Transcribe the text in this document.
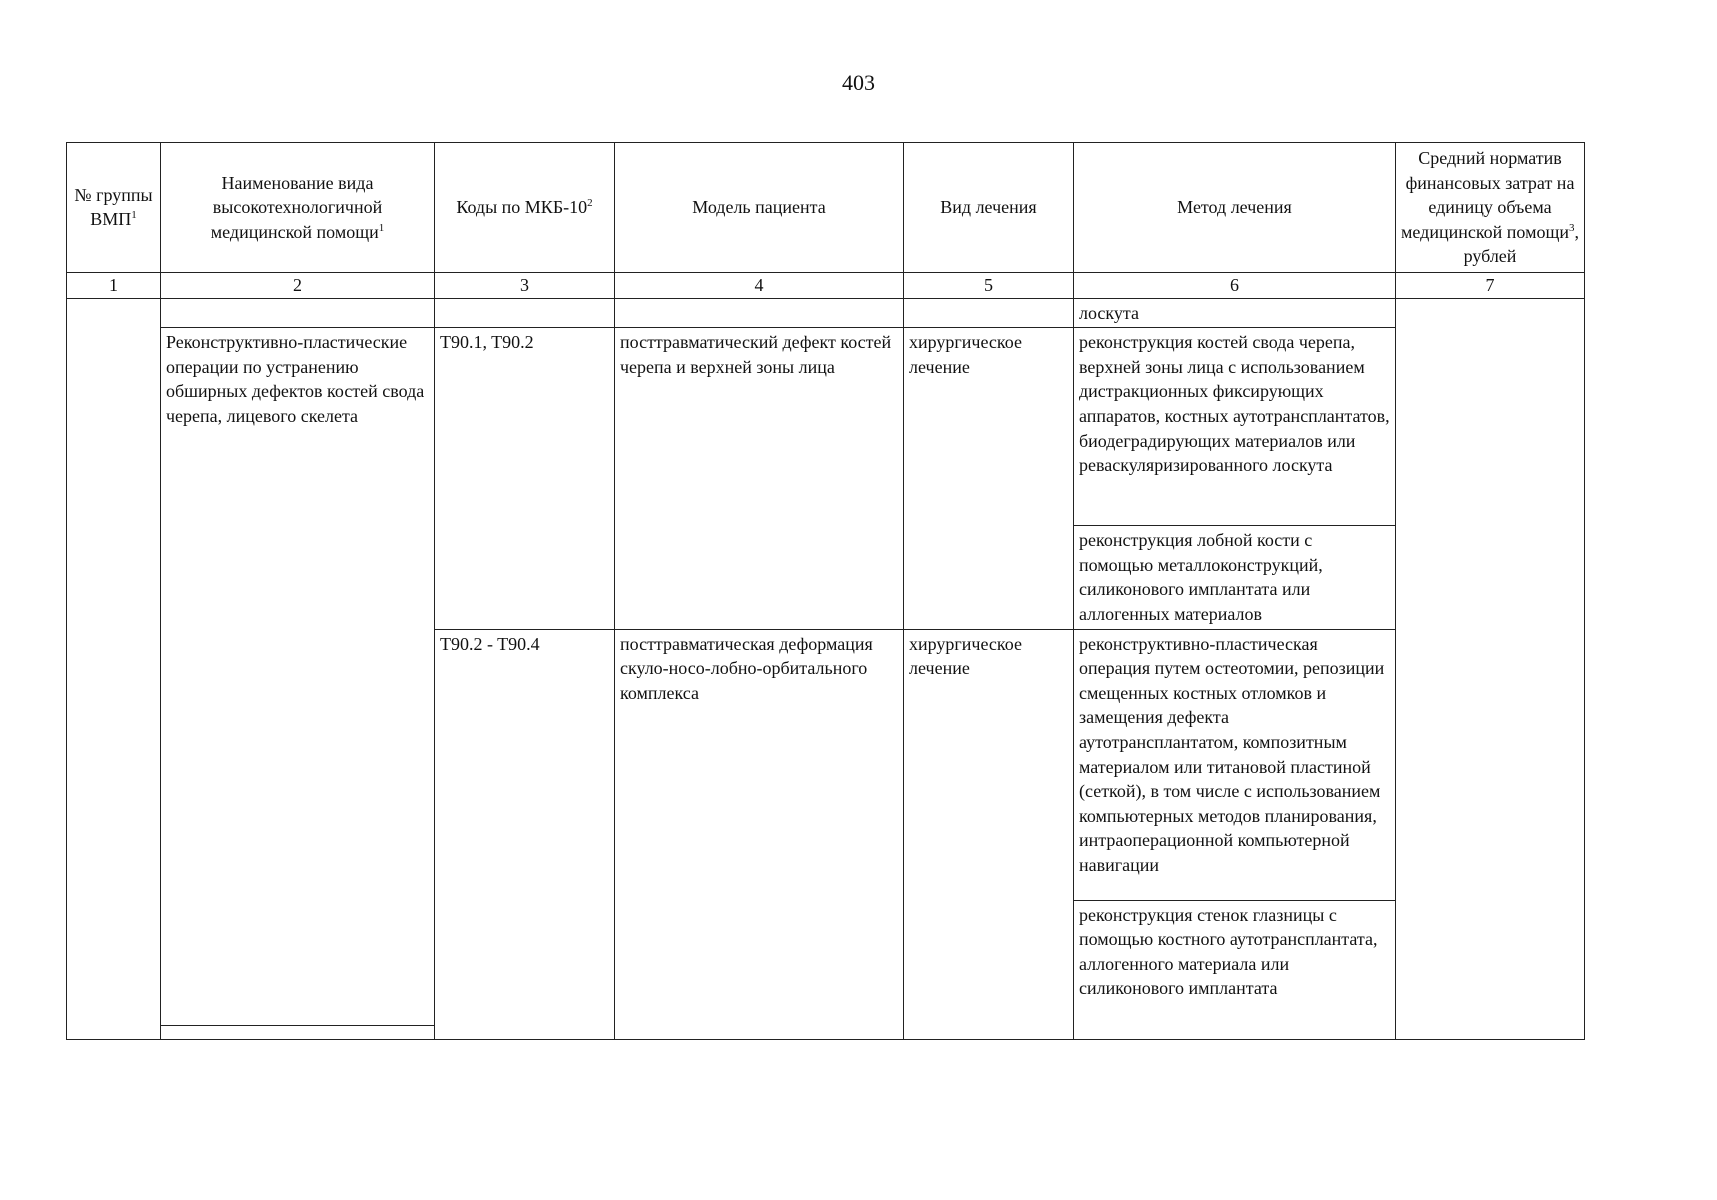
403
№ группы ВМП$^1$	Наименование вида высокотехнологичной медицинской помощи$^1$	Коды по МКБ-$10^2$	Модель пациента	Вид лечения	Метод лечения	Средний норматив финансовых затрат на единицу объема медицинской помощи$^3$, рублей
1	2	3	4	5	6	7
					лоскута	
	Реконструктивно-пластические операции по устранению обширных дефектов костей свода черепа, лицевого скелета	T90.1, T90.2	посттравматический дефект костей черепа и верхней зоны лица	хирургическое лечение	реконструкция костей свода черепа, верхней зоны лица с использованием дистракционных фиксирующих аппаратов, костных аутотрансплантатов, биодеградирующих материалов или реваскуляризированного лоскута	
					реконструкция лобной кости с помощью металлоконструкций, силиконового имплантата или аллогенных материалов	
		T90.2 - T90.4	посттравматическая деформация скуло-носо-лобно-орбитального комплекса	хирургическое лечение	реконструктивно-пластическая операция путем остеотомии, репозиции смещенных костных отломков и замещения дефекта аутотрансплантатом, композитным материалом или титановой пластиной (сеткой), в том числе с использованием компьютерных методов планирования, интраоперационной компьютерной навигации	
					реконструкция стенок глазницы с помощью костного аутотрансплантата, аллогенного материала или силиконового имплантата	
